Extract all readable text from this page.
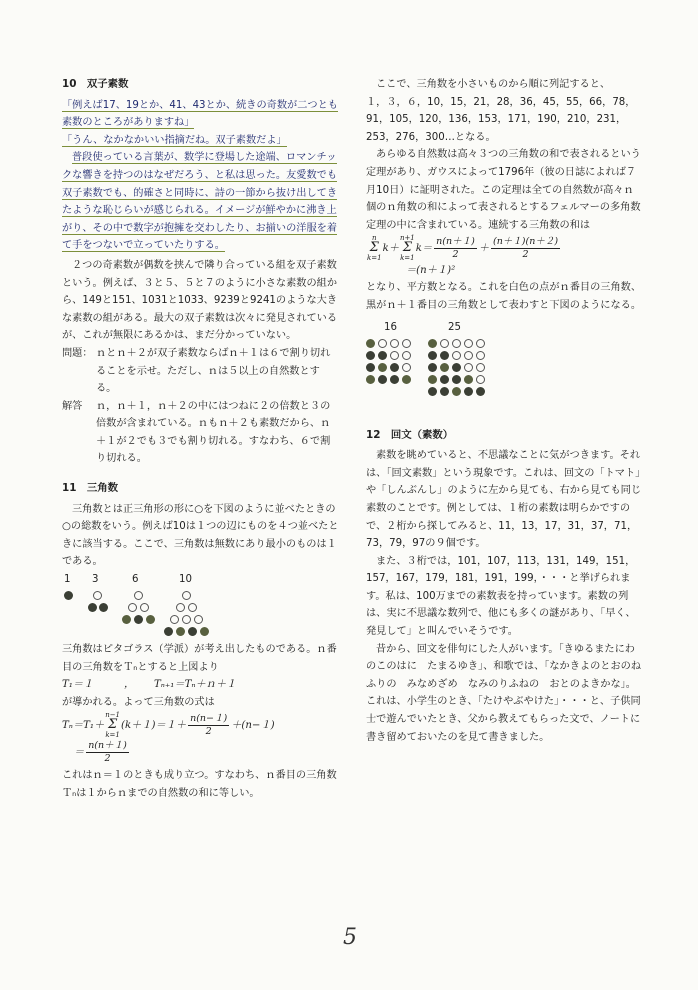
10　双子素数

「例えば17、19とか、41、43とか、続きの奇数が二つとも素数のところがありますね」

「うん、なかなかいい指摘だね。双子素数だよ」

普段使っている言葉が、数学に登場した途端、ロマンチックな響きを持つのはなぜだろう、と私は思った。友愛数でも双子素数でも、的確さと同時に、詩の一節から抜け出してきたような恥じらいが感じられる。イメージが鮮やかに沸き上がり、その中で数字が抱擁を交わしたり、お揃いの洋服を着て手をつないで立っていたりする。

２つの奇素数が偶数を挟んで隣り合っている組を双子素数という。例えば、３と５、５と７のように小さな素数の組から、149と151、1031と1033、9239と9241のような大きな素数の組がある。最大の双子素数は次々に発見されているが、これが無限にあるかは、まだ分かっていない。

問題： ｎとｎ＋２が双子素数ならばｎ＋１は６で割り切れることを示せ。ただし、ｎは５以上の自然数とする。
解答	ｎ，ｎ＋１，ｎ＋２の中にはつねに２の倍数と３の倍数が含まれている。ｎもｎ＋２も素数だから、ｎ＋１が２でも３でも割り切れる。すなわち、６で割り切れる。
11　三角数

三角数とは正三角形の形に○を下図のように並べたときの○の総数をいう。例えば10は１つの辺にものを４つ並べたときに該当する。ここで、三角数は無数にあり最小のものは１である。

1 3	6	10

三角数はピタゴラス（学派）が考え出したものである。ｎ番目の三角数をＴₙとすると上図より

T₁＝１	，	Tₙ₊₁＝Tₙ＋ｎ＋１

が導かれる。よって三角数の式は

Tₙ＝T₁＋
n−1
Σ
k=1
$(k+1)=1+ \frac{n(n-1)}{2} +(n-1)$
＝ $\frac{n(n+1)}{2}$

これはｎ＝１のときも成り立つ。すなわち、ｎ番目の三角数Ｔₙは１からｎまでの自然数の和に等しい。

ここで、三角数を小さいものから順に列記すると、

１，３，６，10，15，21，28，36，45，55，66，78，91，105，120，136，153，171，190，210，231，253，276，300…となる。

あらゆる自然数は高々３つの三角数の和で表されるという定理があり、ガウスによって1796年（彼の日誌によれば７月10日）に証明された。この定理は全ての自然数が高々ｎ個のｎ角数の和によって表されるとするフェルマーの多角数定理の中に含まれている。連続する三角数の和は

n
Σ
k=1
k＋
n+1
Σ
k=1
$k= \frac{n(n+1)}{2} + \frac{(n+1)(n+2)}{2}$
＝(n＋１)²

となり、平方数となる。これを白色の点がｎ番目の三角数、黒がｎ＋１番目の三角数として表わすと下図のようになる。

16	25
12　回文（素数）

素数を眺めていると、不思議なことに気がつきます。それは、「回文素数」という現象です。これは、回文の「トマト」や「しんぶんし」のように左から見ても、右から見ても同じ素数のことです。例としては、１桁の素数は明らかですので、２桁から探してみると、11，13，17，31，37，71，73，79，97の９個です。

また、３桁では，101，107，113，131，149，151，157，167，179，181，191，199，・・・と挙げられます。私は、100万までの素数表を持っています。素数の列は、実に不思議な数列で、他にも多くの謎があり、「早く、発見して」と叫んでいそうです。

昔から、回文を俳句にした人がいます。「きゆるまたにわのこのはに　たまるゆき」、和歌では、「なかきよのとおのねふりの　みなめざめ　なみのりふねの　おとのよきかな」。これは、小学生のとき、「たけやぶやけた」・・・と、子供同士で遊んでいたとき、父から教えてもらった文で、ノートに書き留めておいたのを見て書きました。

5
